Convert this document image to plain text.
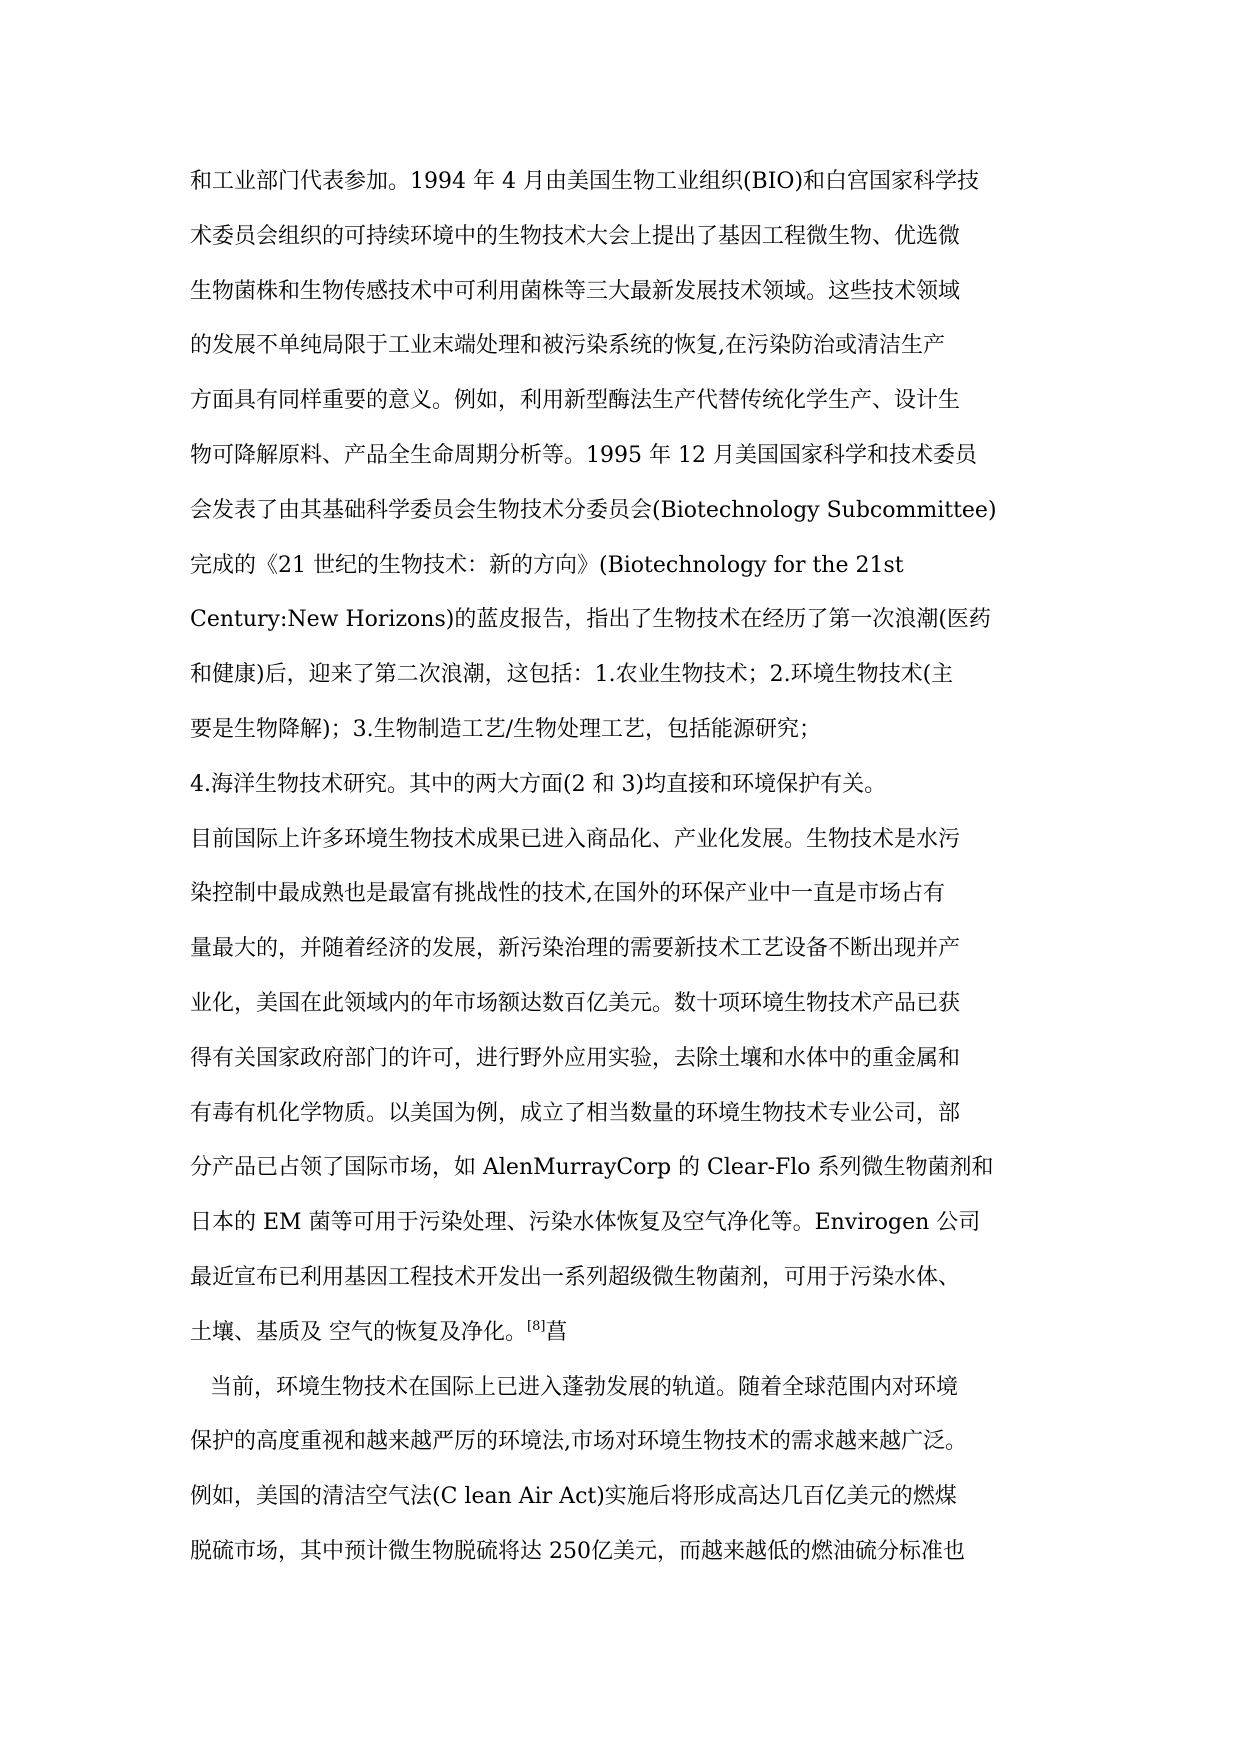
和工业部门代表参加。1994 年 4 月由美国生物工业组织(BIO)和白宫国家科学技
术委员会组织的可持续环境中的生物技术大会上提出了基因工程微生物、优选微
生物菌株和生物传感技术中可利用菌株等三大最新发展技术领域。这些技术领域
的发展不单纯局限于工业末端处理和被污染系统的恢复,在污染防治或清洁生产
方面具有同样重要的意义。例如，利用新型酶法生产代替传统化学生产、设计生
物可降解原料、产品全生命周期分析等。1995 年 12 月美国国家科学和技术委员
会发表了由其基础科学委员会生物技术分委员会(Biotechnology Subcommittee)
完成的《21 世纪的生物技术：新的方向》(Biotechnology for the 21st
Century:New Horizons)的蓝皮报告，指出了生物技术在经历了第一次浪潮(医药
和健康)后，迎来了第二次浪潮，这包括：1.农业生物技术；2.环境生物技术(主
要是生物降解)；3.生物制造工艺/生物处理工艺，包括能源研究；
4.海洋生物技术研究。其中的两大方面(2 和 3)均直接和环境保护有关。
目前国际上许多环境生物技术成果已进入商品化、产业化发展。生物技术是水污
染控制中最成熟也是最富有挑战性的技术,在国外的环保产业中一直是市场占有
量最大的，并随着经济的发展，新污染治理的需要新技术工艺设备不断出现并产
业化，美国在此领域内的年市场额达数百亿美元。数十项环境生物技术产品已获
得有关国家政府部门的许可，进行野外应用实验，去除土壤和水体中的重金属和
有毒有机化学物质。以美国为例，成立了相当数量的环境生物技术专业公司，部
分产品已占领了国际市场，如 AlenMurrayCorp 的 Clear-Flo 系列微生物菌剂和
日本的 EM 菌等可用于污染处理、污染水体恢复及空气净化等。Envirogen 公司
最近宣布已利用基因工程技术开发出一系列超级微生物菌剂，可用于污染水体、
土壤、基质及 空气的恢复及净化。[8]菖
当前，环境生物技术在国际上已进入蓬勃发展的轨道。随着全球范围内对环境
保护的高度重视和越来越严厉的环境法,市场对环境生物技术的需求越来越广泛。
例如，美国的清洁空气法(C lean Air Act)实施后将形成高达几百亿美元的燃煤
脱硫市场，其中预计微生物脱硫将达 250亿美元，而越来越低的燃油硫分标准也
